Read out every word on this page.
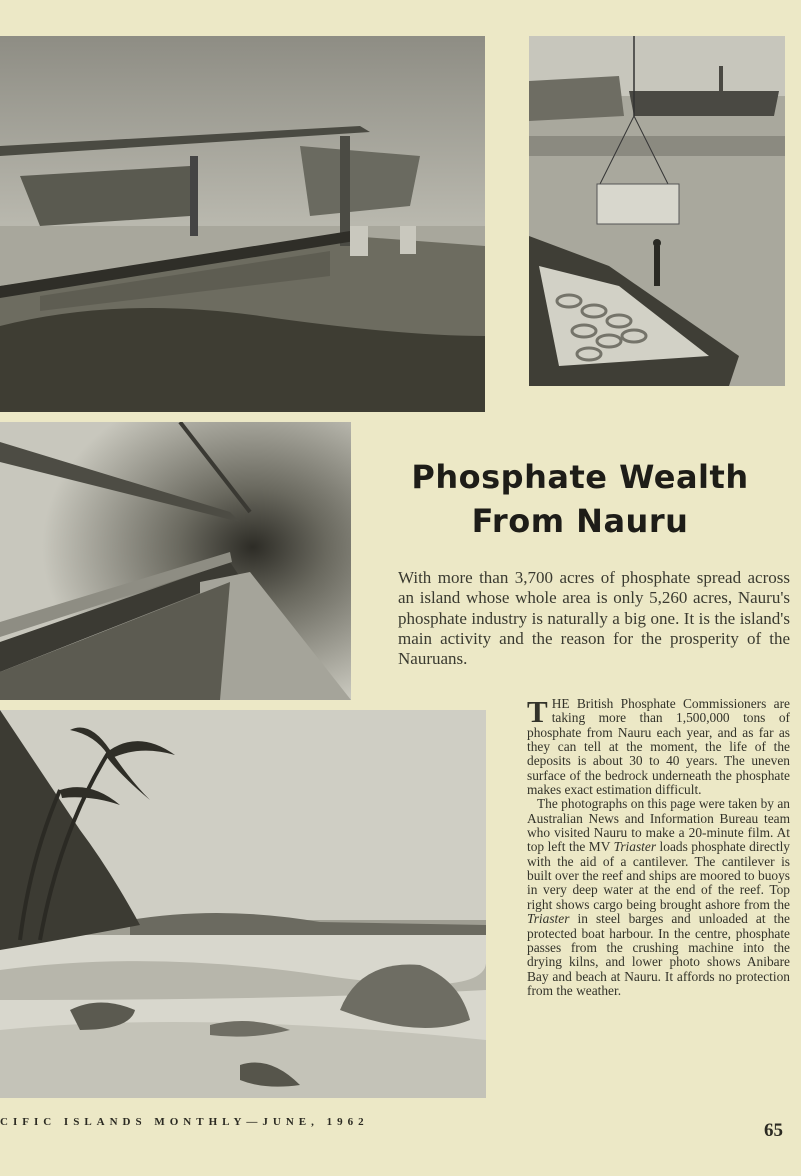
Phosphate Wealth
From Nauru
With more than 3,700 acres of phosphate spread across an island whose whole area is only 5,260 acres, Nauru's phosphate industry is naturally a big one. It is the island's main activity and the reason for the prosperity of the Nauruans.

THE British Phosphate Commissioners are taking more than 1,500,000 tons of phosphate from Nauru each year, and as far as they can tell at the moment, the life of the deposits is about 30 to 40 years. The uneven surface of the bedrock underneath the phosphate makes exact estimation difficult.

The photographs on this page were taken by an Australian News and Information Bureau team who visited Nauru to make a 20-minute film. At top left the MV Triaster loads phosphate directly with the aid of a cantilever. The cantilever is built over the reef and ships are moored to buoys in very deep water at the end of the reef. Top right shows cargo being brought ashore from the Triaster in steel barges and unloaded at the protected boat harbour. In the centre, phosphate passes from the crushing machine into the drying kilns, and lower photo shows Anibare Bay and beach at Nauru. It affords no protection from the weather.

CIFIC ISLANDS MONTHLY—JUNE, 1962	65
